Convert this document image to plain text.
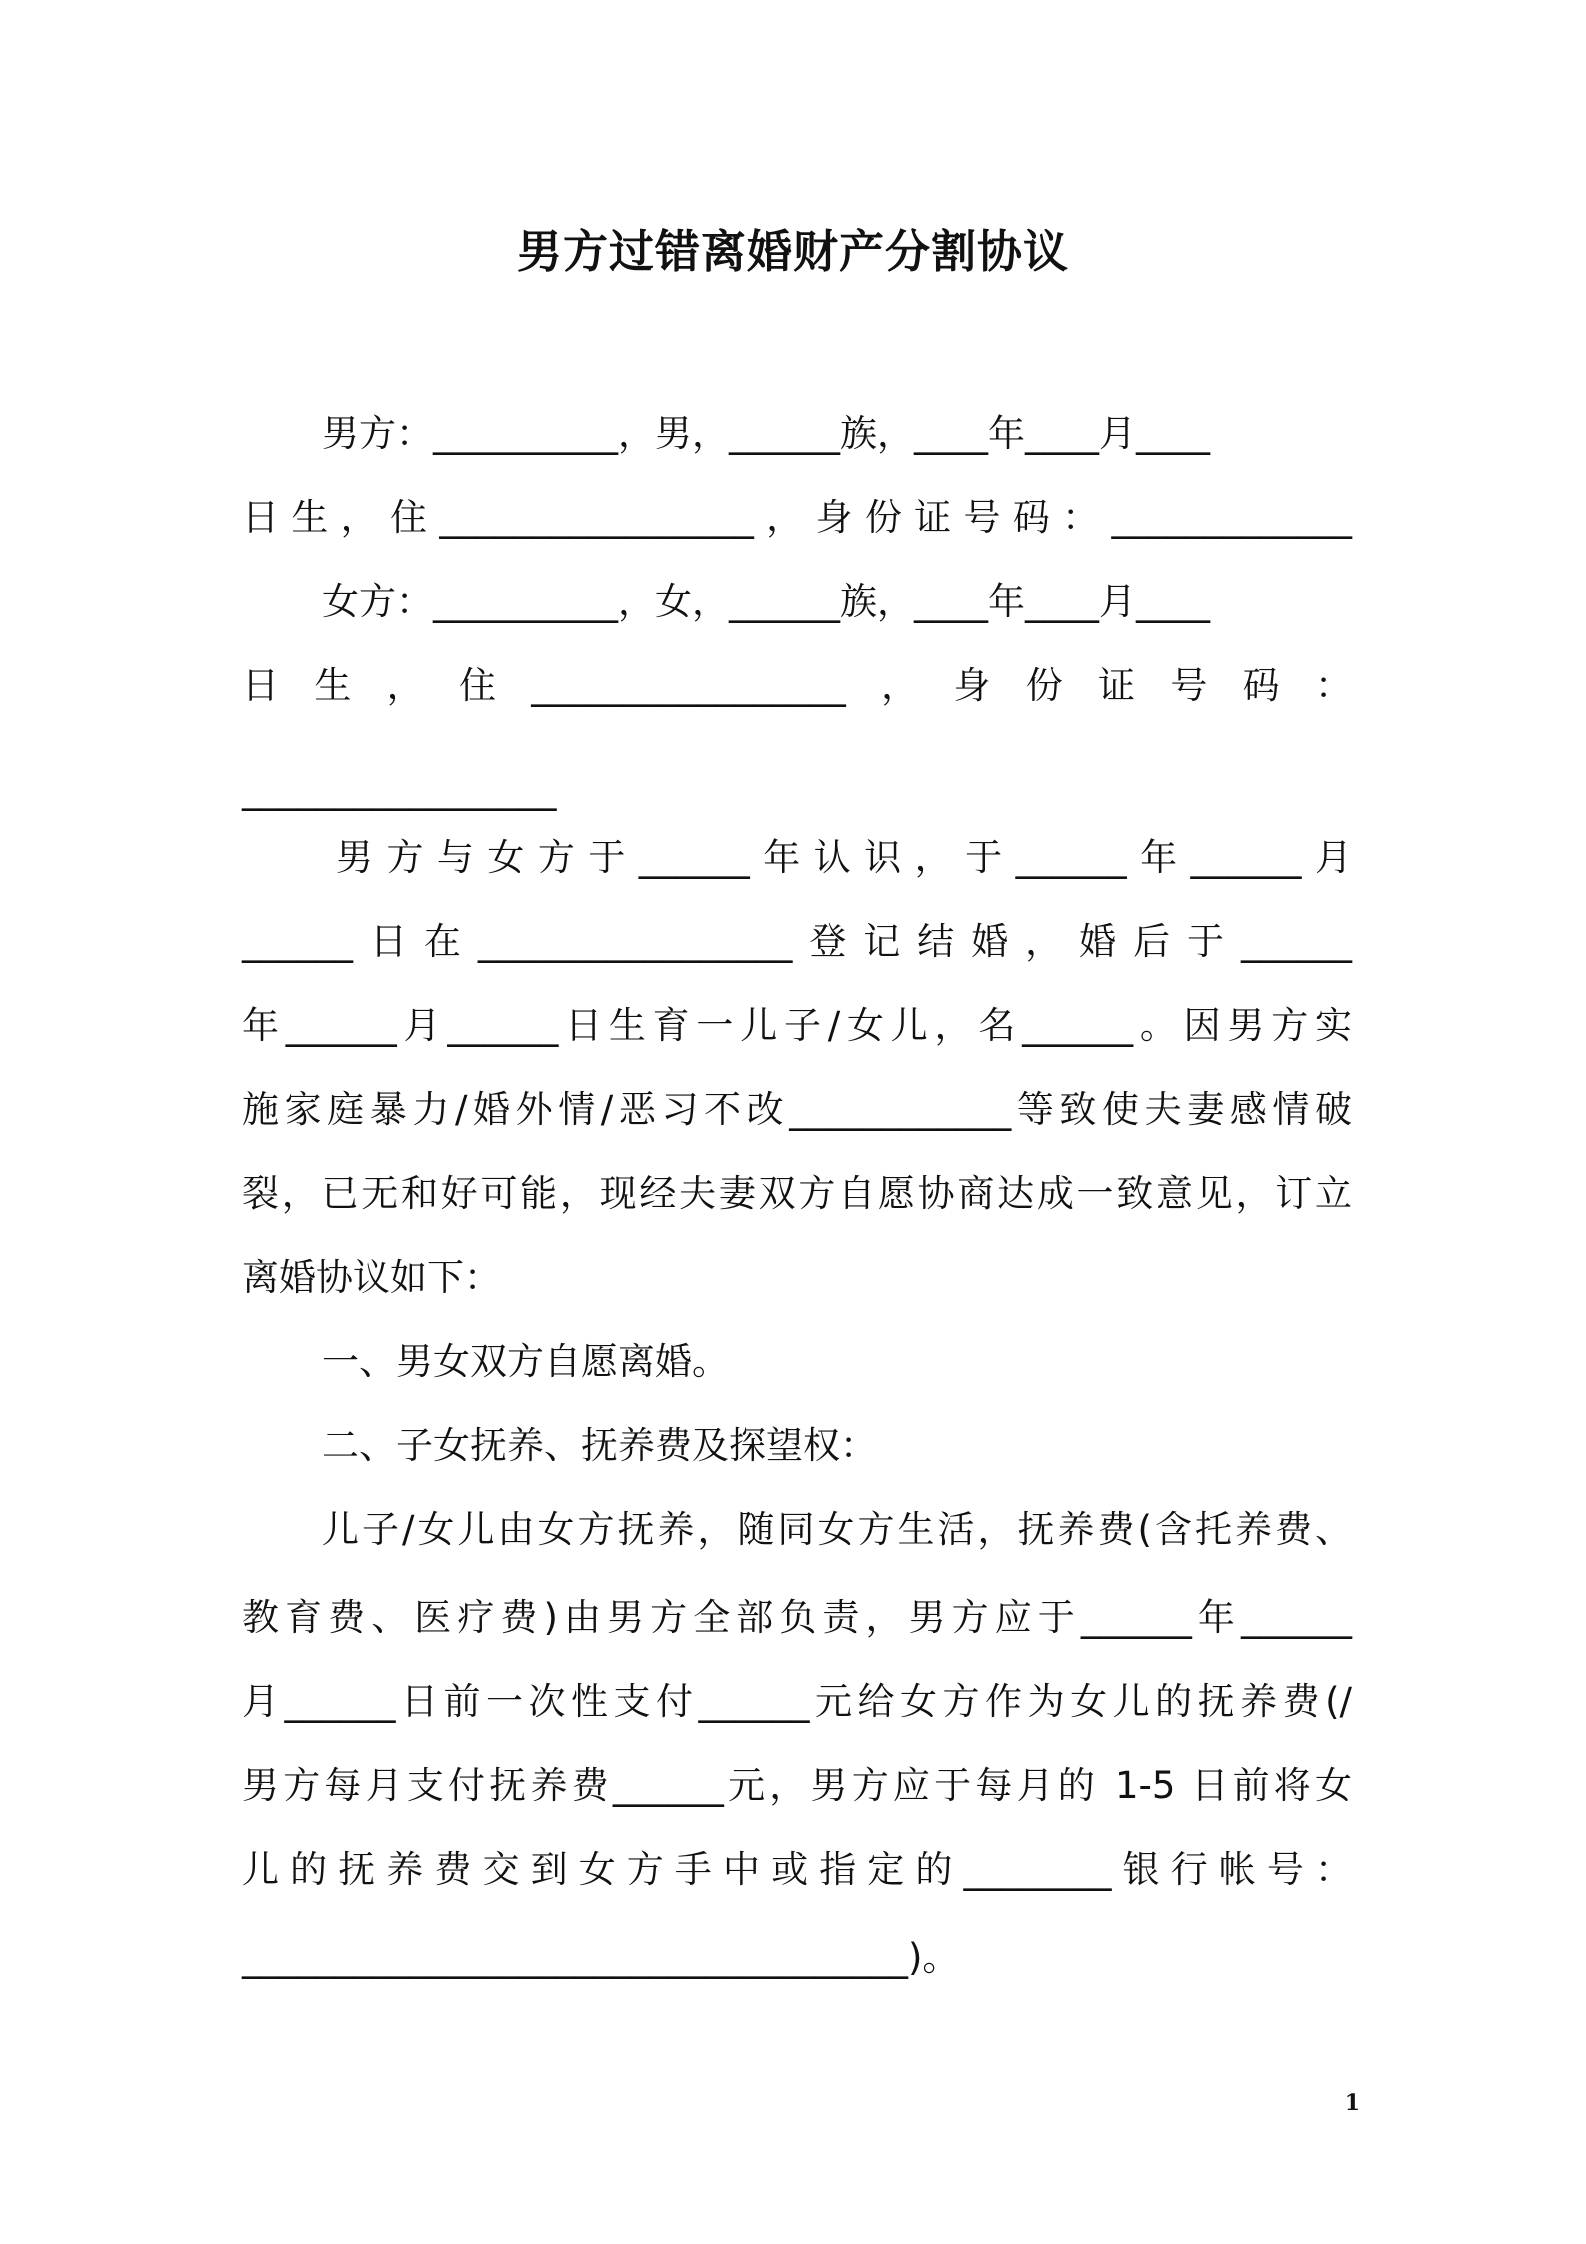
男方过错离婚财产分割协议

男方：__________，男，______族，____年____月____

日生，住_________________，身份证号码：_____________

女方：__________，女，______族，____年____月____

日生，住_________________，身份证号码：

_________________

男方与女方于______年认识，于______年______月

______日在_________________登记结婚，婚后于______

年______月______日生育一儿子/女儿，名______。因男方实

施家庭暴力/婚外情/恶习不改____________等致使夫妻感情破

裂，已无和好可能，现经夫妻双方自愿协商达成一致意见，订立

离婚协议如下：

一、男女双方自愿离婚。

二、子女抚养、抚养费及探望权：

儿子/女儿由女方抚养，随同女方生活，抚养费(含托养费、

教育费、医疗费)由男方全部负责，男方应于______年______

月______日前一次性支付______元给女方作为女儿的抚养费(/

男方每月支付抚养费______元，男方应于每月的 1-5 日前将女

儿的抚养费交到女方手中或指定的________银行帐号：

____________________________________)。

1
